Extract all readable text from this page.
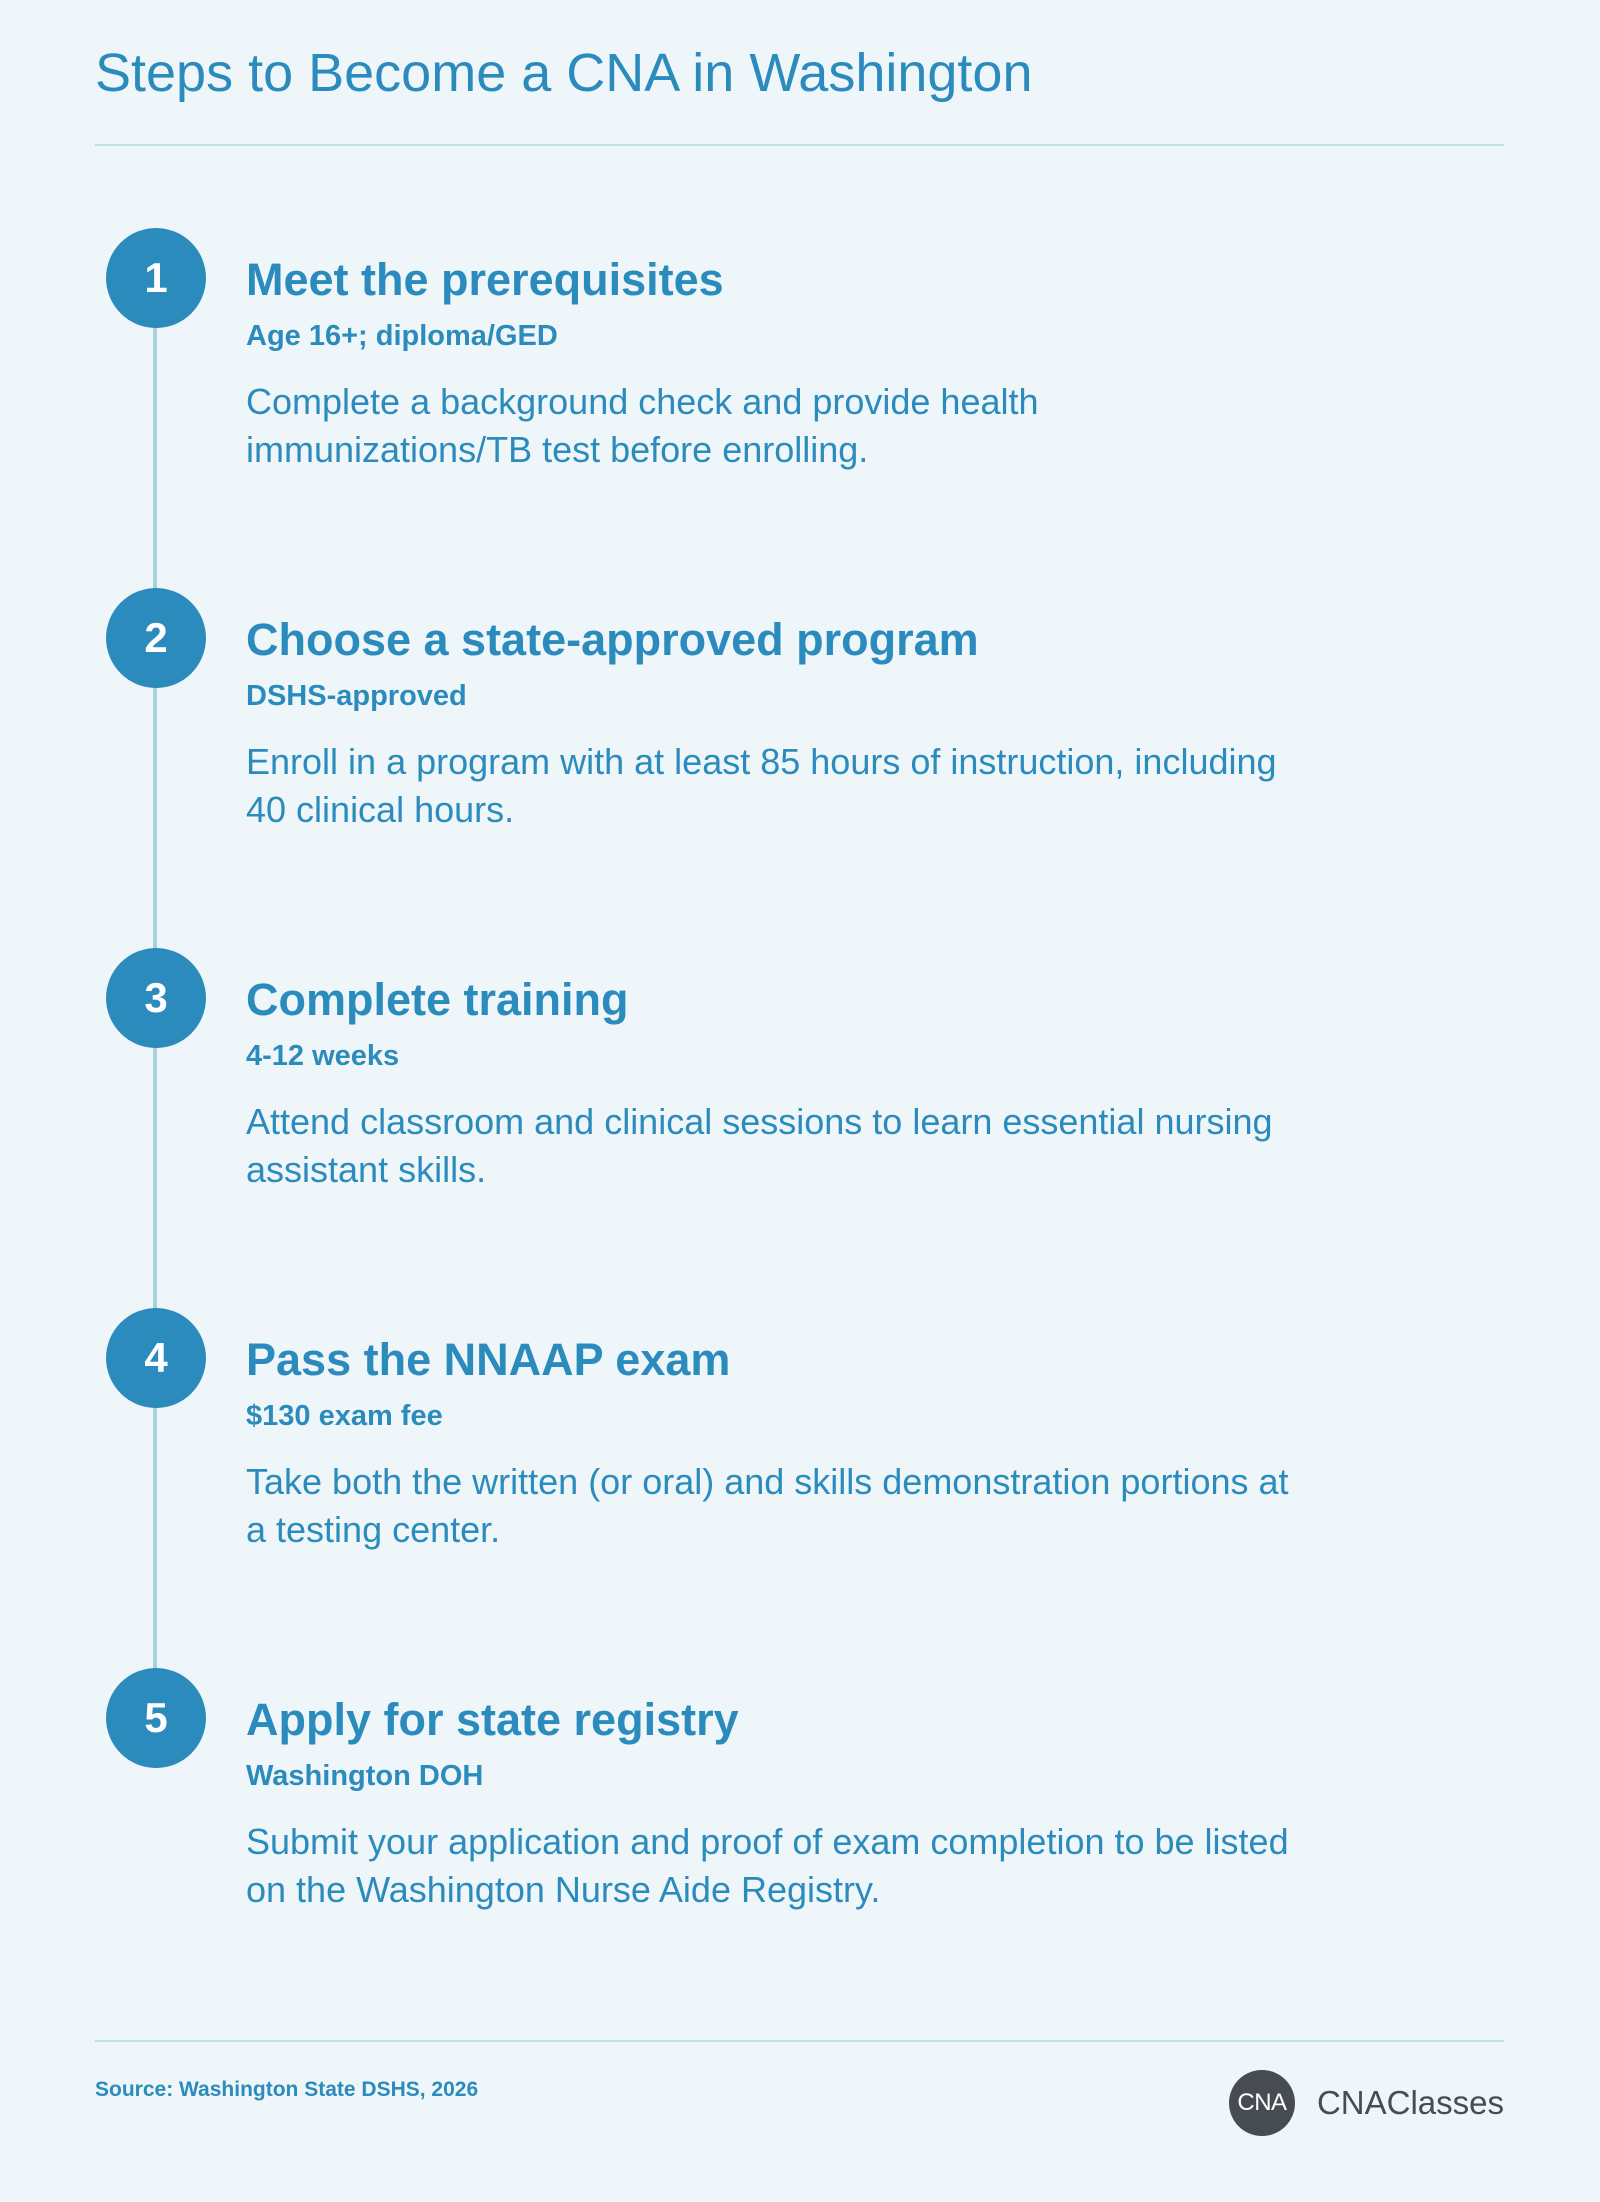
Steps to Become a CNA in Washington
1	Meet the prerequisites
Age 16+; diploma/GED

Complete a background check and provide health immunizations/TB test before enrolling.

2	Choose a state-approved program
DSHS-approved

Enroll in a program with at least 85 hours of instruction, including 40 clinical hours.

3	Complete training
4-12 weeks

Attend classroom and clinical sessions to learn essential nursing assistant skills.

4	Pass the NNAAP exam
$130 exam fee

Take both the written (or oral) and skills demonstration portions at a testing center.

5	Apply for state registry
Washington DOH

Submit your application and proof of exam completion to be listed on the Washington Nurse Aide Registry.

Source: Washington State DSHS, 2026	CNA CNAClasses
